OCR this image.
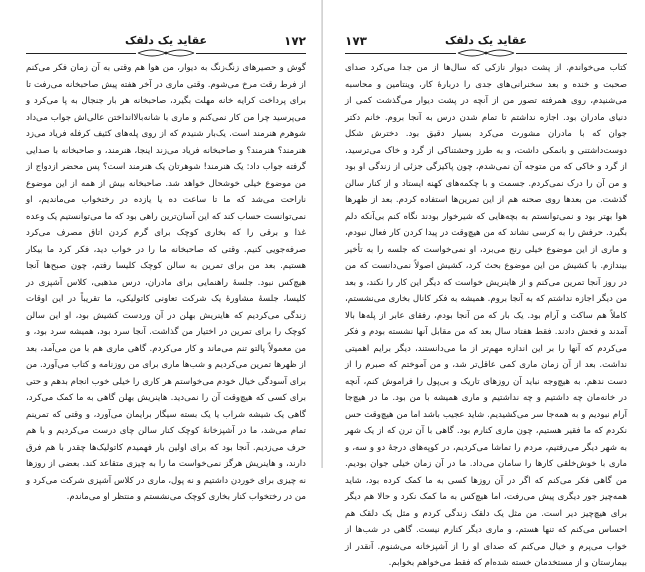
۱۷۲
عقاید یک دلقک

گوش و حصیرهای زنگ‌زنگ به دیوار، من هوا هم وقتی به آن زمان فکر می‌کنم از فرط رقت مرخ می‌شوم. وقتی ماری در آخر هفته پیش صاحبخانه می‌رفت تا برای پرداخت کرایه خانه مهلت بگیرد، صاحبخانه هر بار جنجال به پا می‌کرد و می‌پرسید چرا من کار نمی‌کنم و ماری با شانه‌بالاانداختن عالی‌اش جواب می‌داد شوهرم هنرمند است. یک‌بار شنیدم که از روی پله‌های کثیف کرفله فریاد می‌زد هنرمند؟ هنرمند؟ و صاحبخانه فرياد می‌زند اینجا، هنرمند، و صاحبخانه با صدایی گرفته جواب داد: یک هنرمند! شوهرتان یک هنرمند است؟ پس محضر ازدواج از من موضوع خیلی خوشحال خواهد شد. صاحبخانه بیش از همه از این موضوع ناراحت می‌شد که ما تا ساعت ده یا یازده در رختخواب می‌ماندیم، او نمی‌توانست حساب کند که این آسان‌ترین راهی بود که ما می‌توانستیم یک وعده غذا و برقی را که بخاری کوچک برای گرم کردن اتاق مصرف می‌کرد صرفه‌جویی کنیم. وقتی که صاحبخانه ما را در خواب دید، فکر کرد ما بیکار هستیم. بعد من برای تمرین به سالن کوچک کلیسا رفتم، چون صبح‌ها آنجا هیچ‌کس نبود. جلسهٔ راهنمایی برای مادران، درس مذهبی، کلاس آشپزی در کلیسا، جلسهٔ مشاورهٔ یک شرکت تعاونی کاتولیکی، ما تقریباً در این اوقات زندگی می‌کردیم که هاینریش بهلن در آن وردست کشیش بود، او این سالن کوچک را برای تمرین در اختیار من گذاشت. آنجا سرد بود، همیشه سرد بود، و من معمولاً پالتو تنم می‌ماند و کار می‌کردم. گاهی ماری هم با من می‌آمد، بعد از ظهرها تمرین می‌کردیم و شب‌ها ماری برای من روزنامه و کتاب می‌آورد. من برای آسودگی خیال خودم می‌خواستم هر کاری را خیلی خوب انجام بدهم و حتی برای کسی که هیچ‌وقت آن را نمی‌دید. هاینریش بهلن گاهی به ما کمک می‌کرد، گاهی یک شیشه شراب یا یک بسته سیگار برایمان می‌آورد، و وقتی که تمرینم تمام می‌شد، ما در آشپزخانهٔ کوچک کنار سالن چای درست می‌کردیم و با هم حرف می‌زدیم. آنجا بود که برای اولین بار فهمیدم کاتولیک‌ها چقدر با هم فرق دارند، و هاینریش هرگز نمی‌خواست ما را به چیزی متقاعد کند. بعضی از روزها نه چیزی برای خوردن داشتیم و نه پول، ماری در کلاس آشپزی شرکت می‌کرد و من در رختخواب کنار بخاری کوچک می‌نشستم و منتظر او می‌ماندم.

۱۷۳	عقاید یک دلقک

کتاب می‌خواندم. از پشت دیوار نازکی که سال‌ها از من جدا می‌کرد صدای صحبت و خنده و بعد سخنرانی‌های جدی را دربارهٔ کار، وینتامین و محاسبه می‌شنیدم، روی همرفته تصور من از آنچه در پشت دیوار می‌گذشت کمی از دنیای مادران بود. اجازه نداشتم تا تمام شدن درس به آنجا بروم. خانم دکتر جوان که با مادران مشورت می‌کرد بسیار دقیق بود. دخترش شکل دوست‌داشتنی و بانمکی داشت، و به طرز وحشتناکی از گرد و خاک می‌ترسید، از گرد و خاکی که من متوجه آن نمی‌شدم، چون پاکیزگی جزئی از زندگی او بود و من آن را درک نمی‌کردم. جسمت و با چکمه‌های کهنه ایستاد و از کنار سالن گذشت. من بعدها روی صحنه هم از این تمرین‌ها استفاده کردم. بعد از ظهرها هوا بهتر بود و نمی‌توانستم به بچه‌هایی که شیرخوار بودند نگاه کنم بی‌آنکه دلم بگیرد. حرفش را به کرسی نشاند که من هیچ‌وقت در پیدا کردن کار فعال نبودم، و ماری از این موضوع خیلی رنج می‌برد، او نمی‌خواست که جلسه را به تأخیر بیندازم. با کشیش من این موضوع بحث کرد، کشیش اصولاً نمی‌دانست که من در روز آنجا تمرین می‌کنم و از هاینریش خواست که دیگر این کار را نکند، و بعد من دیگر اجازه نداشتم که به آنجا بروم. همیشه به فکر کانال بخاری می‌نشستم، کاملاً هم ساکت و آرام بود. یک بار که من آنجا بودم، رفقای عابر از پله‌ها بالا آمدند و فحش دادند. فقط هفتاد سال بعد که من مقابل آنها نشسته بودم و فکر می‌کردم که آنها را بر این اندازه مهم‌تر از ما می‌دانستند، دیگر برایم اهمیتی نداشت. بعد از آن زمان ماری کمی عاقل‌تر شد، و من آموختم که صبرم را از دست ندهم. به هیچ‌وجه نباید آن روزهای تاریک و بی‌پول را فراموش کنم، آنچه در خانه‌مان چه داشتیم و چه نداشتیم و ماری همیشه با من بود. ما در هیچ‌جا آرام نبودیم و به همه‌جا سر می‌کشیدیم. شاید عجیب باشد اما من هیچ‌وقت حس نکردم که ما فقیر هستیم، چون ماری کنارم بود. گاهی با آن ترن که از یک شهر به شهر دیگر می‌رفتیم، مردم را تماشا می‌کردیم، در کوپه‌های درجهٔ دو و سه، و ماری با خوش‌خلقی کارها را سامان می‌داد. ما در آن زمان خیلی جوان بودیم. من گاهی فکر می‌کنم که اگر در آن روزها کسی به ما کمک کرده بود، شاید همه‌چیز جور دیگری پیش می‌رفت، اما هیچ‌کس به ما کمک نکرد و حالا هم دیگر برای هیچ‌چیز دیر است. من مثل یک دلقک زندگی کردم و مثل یک دلقک هم احساس می‌کنم که تنها هستم، و ماری دیگر کنارم نیست. گاهی در شب‌ها از خواب می‌پرم و خیال می‌کنم که صدای او را از آشپزخانه می‌شنوم. آنقدر از بیمارستان و از مستخدمان خسته شده‌ام که فقط می‌خواهم بخوابم.
